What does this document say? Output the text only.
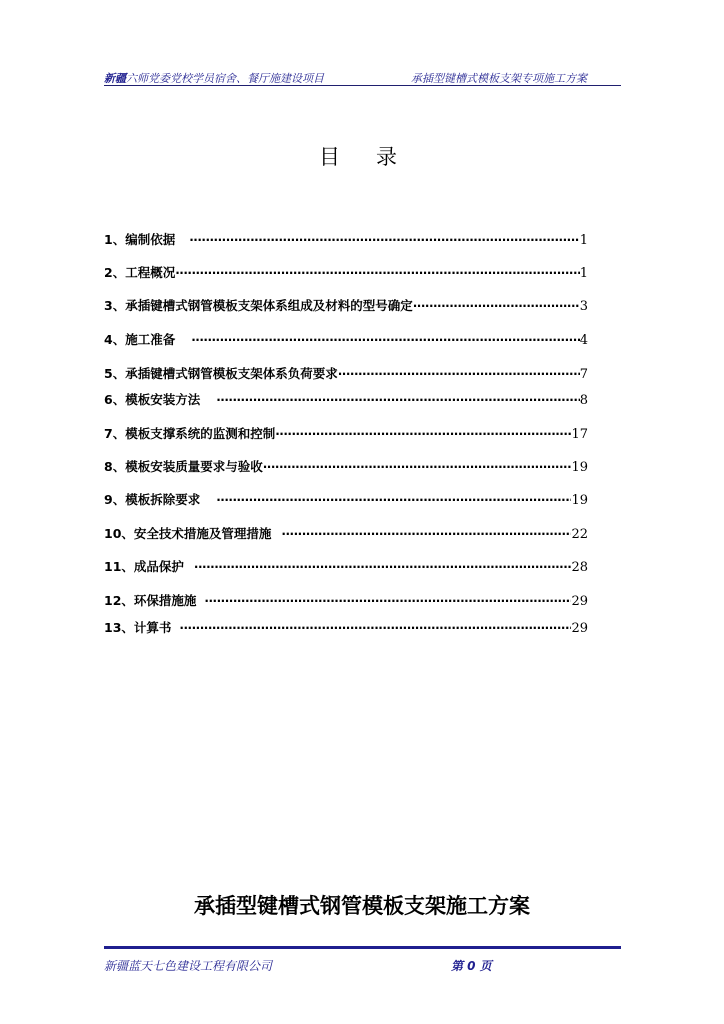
新疆六师党委党校学员宿舍、餐厅施建设项目	承插型键槽式模板支架专项施工方案
目录
1、编制依据 ·····	1
2、工程概况 ·····	1
3、承插键槽式钢管模板支架体系组成及材料的型号确定 ·····	3
4、施工准备 ·····	4
5、承插键槽式钢管模板支架体系负荷要求 ·····	7
6、模板安装方法 ·····	8
7、模板支撑系统的监测和控制 ·····	17
8、模板安装质量要求与验收 ·····	19
9、模板拆除要求 ·····	19
10、安全技术措施及管理措施 ·····	22
11、成品保护 ·····	28
12、环保措施施 ·····	29
13、计算书 ·····	29
承插型键槽式钢管模板支架施工方案
新疆蓝天七色建设工程有限公司	第 0 页
